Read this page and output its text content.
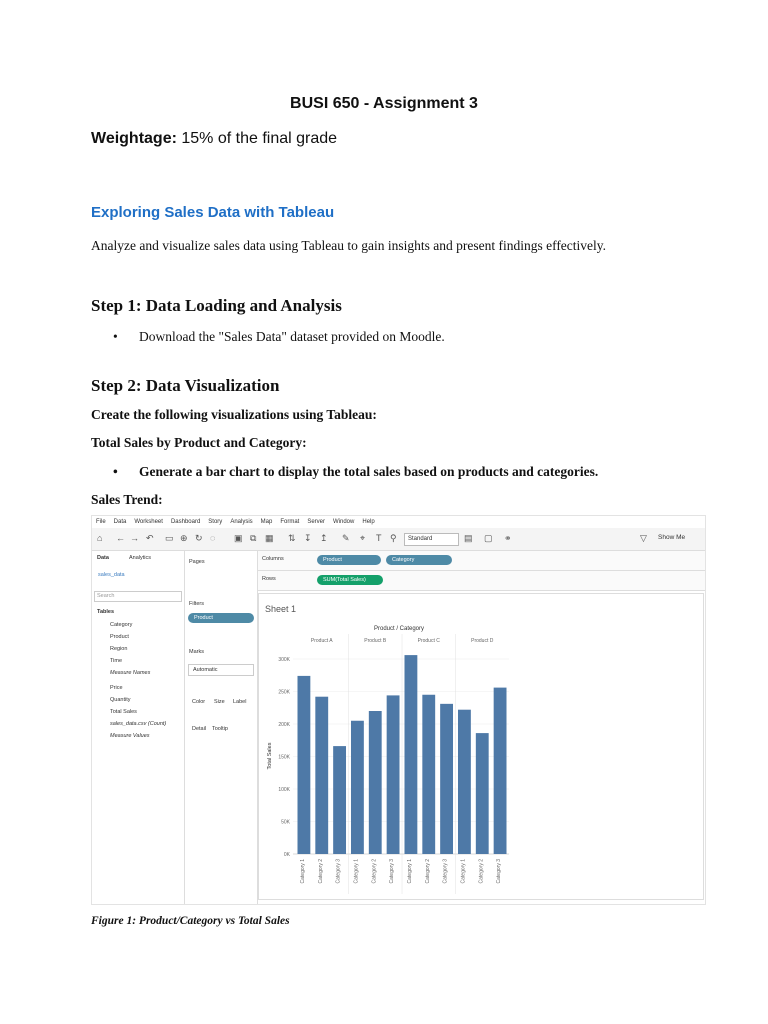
BUSI 650 - Assignment 3
Weightage: 15% of the final grade
Exploring Sales Data with Tableau
Analyze and visualize sales data using Tableau to gain insights and present findings effectively.
Step 1: Data Loading and Analysis
• Download the "Sales Data" dataset provided on Moodle.
Step 2: Data Visualization
Create the following visualizations using Tableau:
Total Sales by Product and Category:
• Generate a bar chart to display the total sales based on products and categories.
Sales Trend:
File Data Worksheet Dashboard Story Analysis Map Format Server Window Help
⌂ ← → ↶ ▭ ⊕ ↻ ◌ ▣ ⧉ ▦ ⇅ ↧ ↥ ✎ ⌖ T ⚲	Standard	▤ ▢ ⚭	▽ Show Me
Data	Analytics
sales_data
Search
Tables
Category
Product
Region
Time
Measure Names
Price
Quantity
Total Sales
sales_data.csv (Count)
Measure Values
Pages
Filters
Product
Marks
Automatic
Color Size Label
Detail Tooltip
Columns	Product	Category
Rows	SUM(Total Sales)
Sheet 1
Product / Category
Total Sales
0K
50K
100K
150K
200K
250K
300K
Product A
Category 1 Category 2 Category 3
Product B
Category 1 Category 2 Category 3
Product C
Category 1 Category 2 Category 3
Product D
Category 1 Category 2 Category 3
Figure 1: Product/Category vs Total Sales
